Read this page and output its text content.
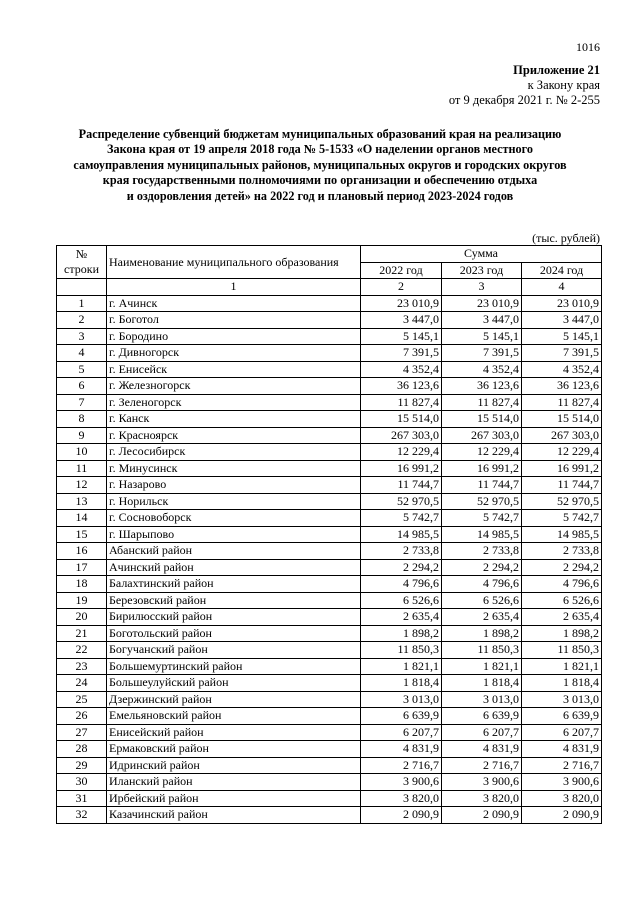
1016
Приложение 21
к Закону края
от 9 декабря 2021 г. № 2-255
Распределение субвенций бюджетам муниципальных образований края на реализацию
Закона края от 19 апреля 2018 года № 5-1533 «О наделении органов местного
самоуправления муниципальных районов, муниципальных округов и городских округов
края государственными полномочиями по организации и обеспечению отдыха
и оздоровления детей» на 2022 год и плановый период 2023-2024 годов
(тыс. рублей)
№
строки	Наименование муниципального образования	Сумма		
		2022 год	2023 год	2024 год
	1	2	3	4
1	г. Ачинск	23 010,9	23 010,9	23 010,9
2	г. Боготол	3 447,0	3 447,0	3 447,0
3	г. Бородино	5 145,1	5 145,1	5 145,1
4	г. Дивногорск	7 391,5	7 391,5	7 391,5
5	г. Енисейск	4 352,4	4 352,4	4 352,4
6	г. Железногорск	36 123,6	36 123,6	36 123,6
7	г. Зеленогорск	11 827,4	11 827,4	11 827,4
8	г. Канск	15 514,0	15 514,0	15 514,0
9	г. Красноярск	267 303,0	267 303,0	267 303,0
10	г. Лесосибирск	12 229,4	12 229,4	12 229,4
11	г. Минусинск	16 991,2	16 991,2	16 991,2
12	г. Назарово	11 744,7	11 744,7	11 744,7
13	г. Норильск	52 970,5	52 970,5	52 970,5
14	г. Сосновоборск	5 742,7	5 742,7	5 742,7
15	г. Шарыпово	14 985,5	14 985,5	14 985,5
16	Абанский район	2 733,8	2 733,8	2 733,8
17	Ачинский район	2 294,2	2 294,2	2 294,2
18	Балахтинский район	4 796,6	4 796,6	4 796,6
19	Березовский район	6 526,6	6 526,6	6 526,6
20	Бирилюсский район	2 635,4	2 635,4	2 635,4
21	Боготольский район	1 898,2	1 898,2	1 898,2
22	Богучанский район	11 850,3	11 850,3	11 850,3
23	Большемуртинский район	1 821,1	1 821,1	1 821,1
24	Большеулуйский район	1 818,4	1 818,4	1 818,4
25	Дзержинский район	3 013,0	3 013,0	3 013,0
26	Емельяновский район	6 639,9	6 639,9	6 639,9
27	Енисейский район	6 207,7	6 207,7	6 207,7
28	Ермаковский район	4 831,9	4 831,9	4 831,9
29	Идринский район	2 716,7	2 716,7	2 716,7
30	Иланский район	3 900,6	3 900,6	3 900,6
31	Ирбейский район	3 820,0	3 820,0	3 820,0
32	Казачинский район	2 090,9	2 090,9	2 090,9
